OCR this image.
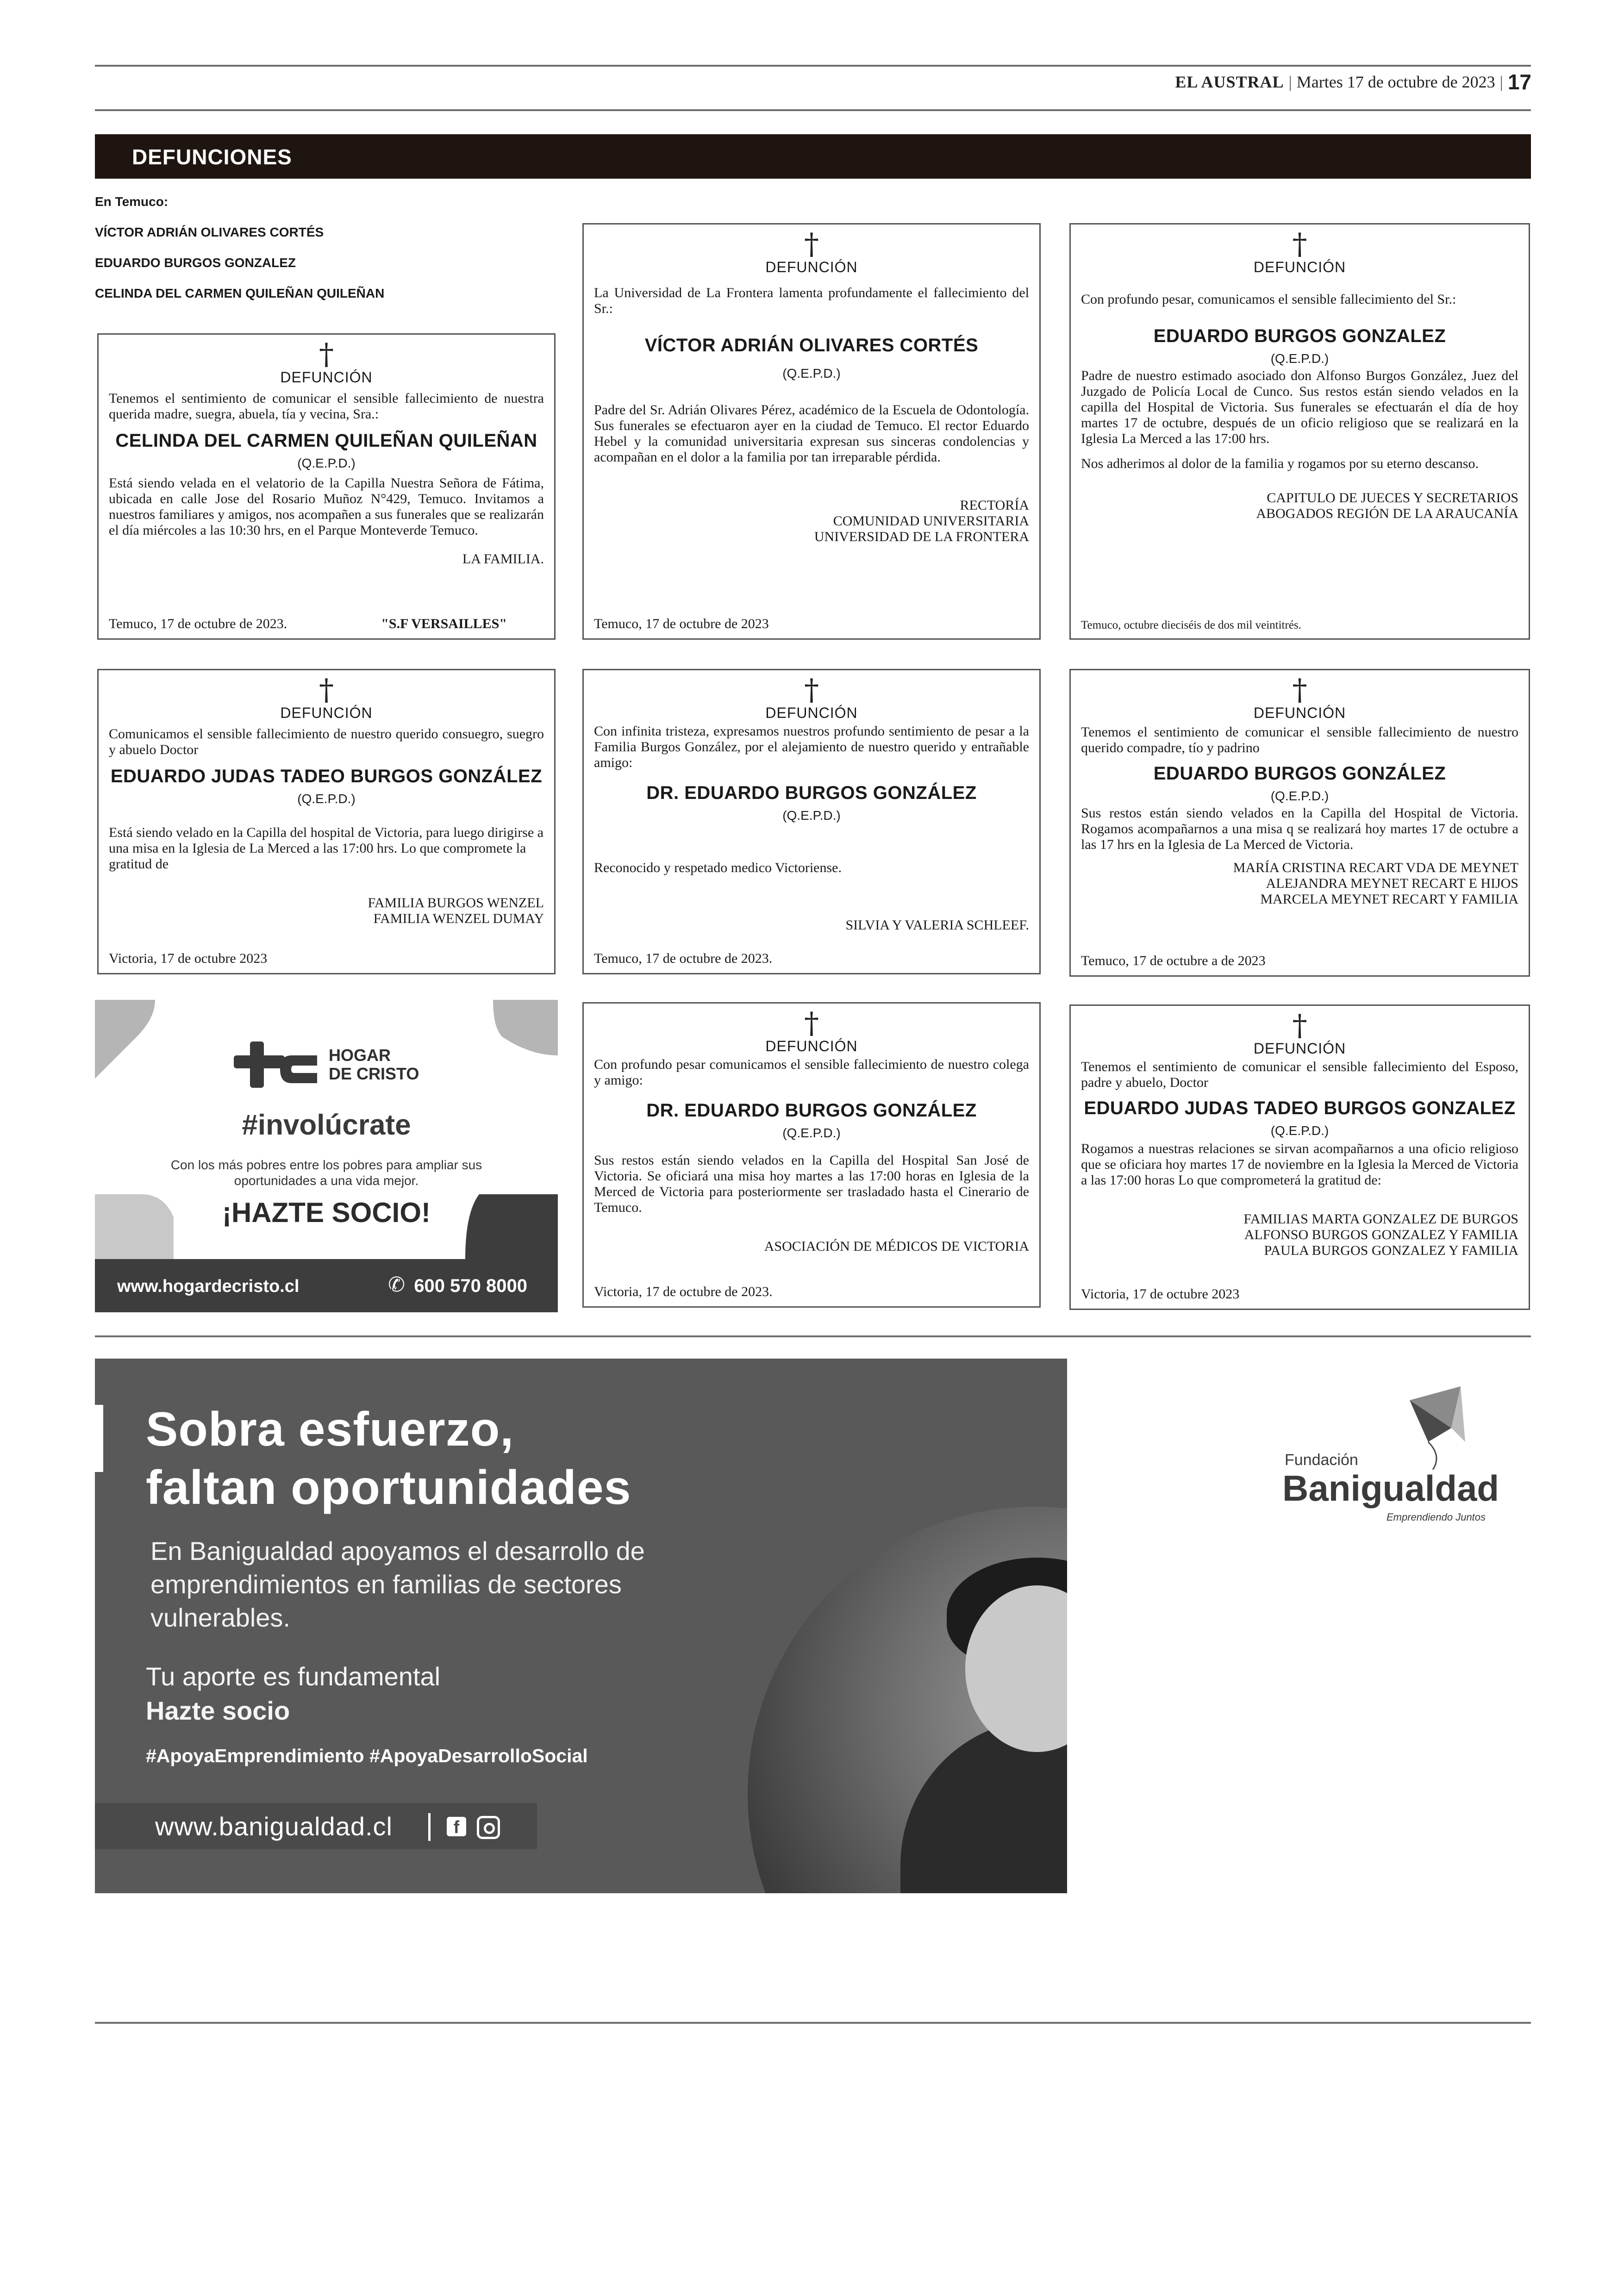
EL AUSTRAL | Martes 17 de octubre de 2023 | 17
DEFUNCIONES
En Temuco:
VÍCTOR ADRIÁN OLIVARES CORTÉS
EDUARDO BURGOS GONZALEZ
CELINDA DEL CARMEN QUILEÑAN QUILEÑAN
†
DEFUNCIÓN
Tenemos el sentimiento de comunicar el sensible fallecimiento de nuestra querida madre, suegra, abuela, tía y vecina, Sra.:
CELINDA DEL CARMEN QUILEÑAN QUILEÑAN
(Q.E.P.D.)
Está siendo velada en el velatorio de la Capilla Nuestra Señora de Fátima, ubicada en calle Jose del Rosario Muñoz N°429, Temuco. Invitamos a nuestros familiares y amigos, nos acompañen a sus funerales que se realizarán el día miércoles a las 10:30 hrs, en el Parque Monteverde Temuco.
LA FAMILIA.
Temuco, 17 de octubre de 2023.	"S.F VERSAILLES"
†
DEFUNCIÓN
La Universidad de La Frontera lamenta profundamente el fallecimiento del Sr.:
VÍCTOR ADRIÁN OLIVARES CORTÉS
(Q.E.P.D.)
Padre del Sr. Adrián Olivares Pérez, académico de la Escuela de Odontología. Sus funerales se efectuaron ayer en la ciudad de Temuco. El rector Eduardo Hebel y la comunidad universitaria expresan sus sinceras condolencias y acompañan en el dolor a la familia por tan irreparable pérdida.
RECTORÍA
COMUNIDAD UNIVERSITARIA
UNIVERSIDAD DE LA FRONTERA
Temuco, 17 de octubre de 2023
†
DEFUNCIÓN
Con profundo pesar, comunicamos el sensible fallecimiento del Sr.:
EDUARDO BURGOS GONZALEZ
(Q.E.P.D.)
Padre de nuestro estimado asociado don Alfonso Burgos González, Juez del Juzgado de Policía Local de Cunco. Sus restos están siendo velados en la capilla del Hospital de Victoria. Sus funerales se efectuarán el día de hoy martes 17 de octubre, después de un oficio religioso que se realizará en la Iglesia La Merced a las 17:00 hrs.
Nos adherimos al dolor de la familia y rogamos por su eterno descanso.
CAPITULO DE JUECES Y SECRETARIOS
ABOGADOS REGIÓN DE LA ARAUCANÍA
Temuco, octubre dieciséis de dos mil veintitrés.
†
DEFUNCIÓN
Comunicamos el sensible fallecimiento de nuestro querido consuegro, suegro y abuelo Doctor
EDUARDO JUDAS TADEO BURGOS GONZÁLEZ
(Q.E.P.D.)
Está siendo velado en la Capilla del hospital de Victoria, para luego dirigirse a una misa en la Iglesia de La Merced a las 17:00 hrs. Lo que compromete la gratitud de
FAMILIA BURGOS WENZEL
FAMILIA WENZEL DUMAY
Victoria, 17 de octubre 2023
†
DEFUNCIÓN
Con infinita tristeza, expresamos nuestros profundo sentimiento de pesar a la Familia Burgos González, por el alejamiento de nuestro querido y entrañable amigo:
DR. EDUARDO BURGOS GONZÁLEZ
(Q.E.P.D.)
Reconocido y respetado medico Victoriense.
SILVIA Y VALERIA SCHLEEF.
Temuco, 17 de octubre de 2023.
†
DEFUNCIÓN
Tenemos el sentimiento de comunicar el sensible fallecimiento de nuestro querido compadre, tío y padrino
EDUARDO BURGOS GONZÁLEZ
(Q.E.P.D.)
Sus restos están siendo velados en la Capilla del Hospital de Victoria. Rogamos acompañarnos a una misa q se realizará hoy martes 17 de octubre a las 17 hrs en la Iglesia de La Merced de Victoria.
MARÍA CRISTINA RECART VDA DE MEYNET
ALEJANDRA MEYNET RECART E HIJOS
MARCELA MEYNET RECART Y FAMILIA
Temuco, 17 de octubre a de 2023
HOGAR
DE CRISTO
#involúcrate
Con los más pobres entre los pobres para ampliar sus oportunidades a una vida mejor.
¡HAZTE SOCIO!
www.hogardecristo.cl	✆ 600 570 8000
†
DEFUNCIÓN
Con profundo pesar comunicamos el sensible fallecimiento de nuestro colega y amigo:
DR. EDUARDO BURGOS GONZÁLEZ
(Q.E.P.D.)
Sus restos están siendo velados en la Capilla del Hospital San José de Victoria. Se oficiará una misa hoy martes a las 17:00 horas en Iglesia de la Merced de Victoria para posteriormente ser trasladado hasta el Cinerario de Temuco.
ASOCIACIÓN DE MÉDICOS DE VICTORIA
Victoria, 17 de octubre de 2023.
†
DEFUNCIÓN
Tenemos el sentimiento de comunicar el sensible fallecimiento del Esposo, padre y abuelo, Doctor
EDUARDO JUDAS TADEO BURGOS GONZALEZ
(Q.E.P.D.)
Rogamos a nuestras relaciones se sirvan acompañarnos a una oficio religioso que se oficiara hoy martes 17 de noviembre en la Iglesia la Merced de Victoria a las 17:00 horas Lo que comprometerá la gratitud de:
FAMILIAS MARTA GONZALEZ DE BURGOS
ALFONSO BURGOS GONZALEZ Y FAMILIA
PAULA BURGOS GONZALEZ Y FAMILIA
Victoria, 17 de octubre 2023
Sobra esfuerzo,
faltan oportunidades
En Banigualdad apoyamos el desarrollo de emprendimientos en familias de sectores vulnerables.
Tu aporte es fundamental
Hazte socio
#ApoyaEmprendimiento #ApoyaDesarrolloSocial
www.banigualdad.cl	f
Fundación
Banigualdad
Emprendiendo Juntos
